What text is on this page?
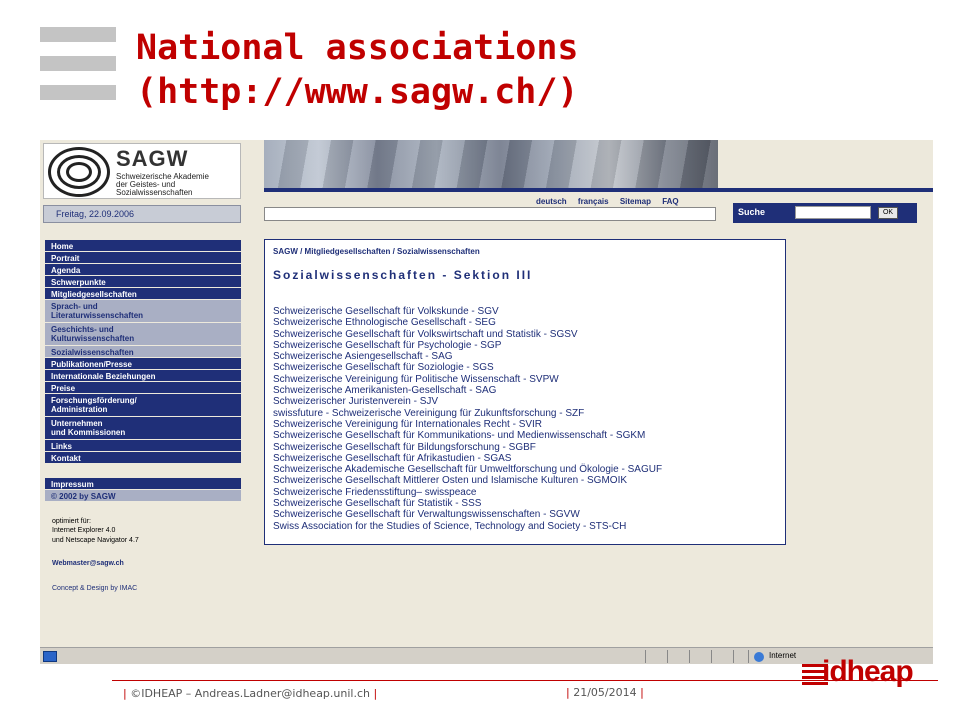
National associations
(http://www.sagw.ch/)
SAGW
Schweizerische Akademie
der Geistes- und
Sozialwissenschaften
Freitag, 22.09.2006
deutsch français Sitemap FAQ
Suche	OK
Home
Portrait
Agenda
Schwerpunkte
Mitgliedgesellschaften
Sprach- und
Literaturwissenschaften
Geschichts- und
Kulturwissenschaften
Sozialwissenschaften
Publikationen/Presse
Internationale Beziehungen
Preise
Forschungsförderung/
Administration
Unternehmen
und Kommissionen
Links
Kontakt
Impressum
© 2002 by SAGW
optimiert für:
Internet Explorer 4.0
und Netscape Navigator 4.7
Webmaster@sagw.ch
Concept & Design by IMAC
SAGW / Mitgliedgesellschaften / Sozialwissenschaften
Sozialwissenschaften - Sektion III
Schweizerische Gesellschaft für Volkskunde - SGV
Schweizerische Ethnologische Gesellschaft - SEG
Schweizerische Gesellschaft für Volkswirtschaft und Statistik - SGSV
Schweizerische Gesellschaft für Psychologie - SGP
Schweizerische Asiengesellschaft - SAG
Schweizerische Gesellschaft für Soziologie - SGS
Schweizerische Vereinigung für Politische Wissenschaft - SVPW
Schweizerische Amerikanisten-Gesellschaft - SAG
Schweizerischer Juristenverein - SJV
swissfuture - Schweizerische Vereinigung für Zukunftsforschung - SZF
Schweizerische Vereinigung für Internationales Recht - SVIR
Schweizerische Gesellschaft für Kommunikations- und Medienwissenschaft - SGKM
Schweizerische Gesellschaft für Bildungsforschung - SGBF
Schweizerische Gesellschaft für Afrikastudien - SGAS
Schweizerische Akademische Gesellschaft für Umweltforschung und Ökologie - SAGUF
Schweizerische Gesellschaft Mittlerer Osten und Islamische Kulturen - SGMOIK
Schweizerische Friedensstiftung– swisspeace
Schweizerische Gesellschaft für Statistik - SSS
Schweizerische Gesellschaft für Verwaltungswissenschaften - SGVW
Swiss Association for the Studies of Science, Technology and Society - STS-CH
Internet
| ©IDHEAP – Andreas.Ladner@idheap.unil.ch |	| 21/05/2014 |
idheap
